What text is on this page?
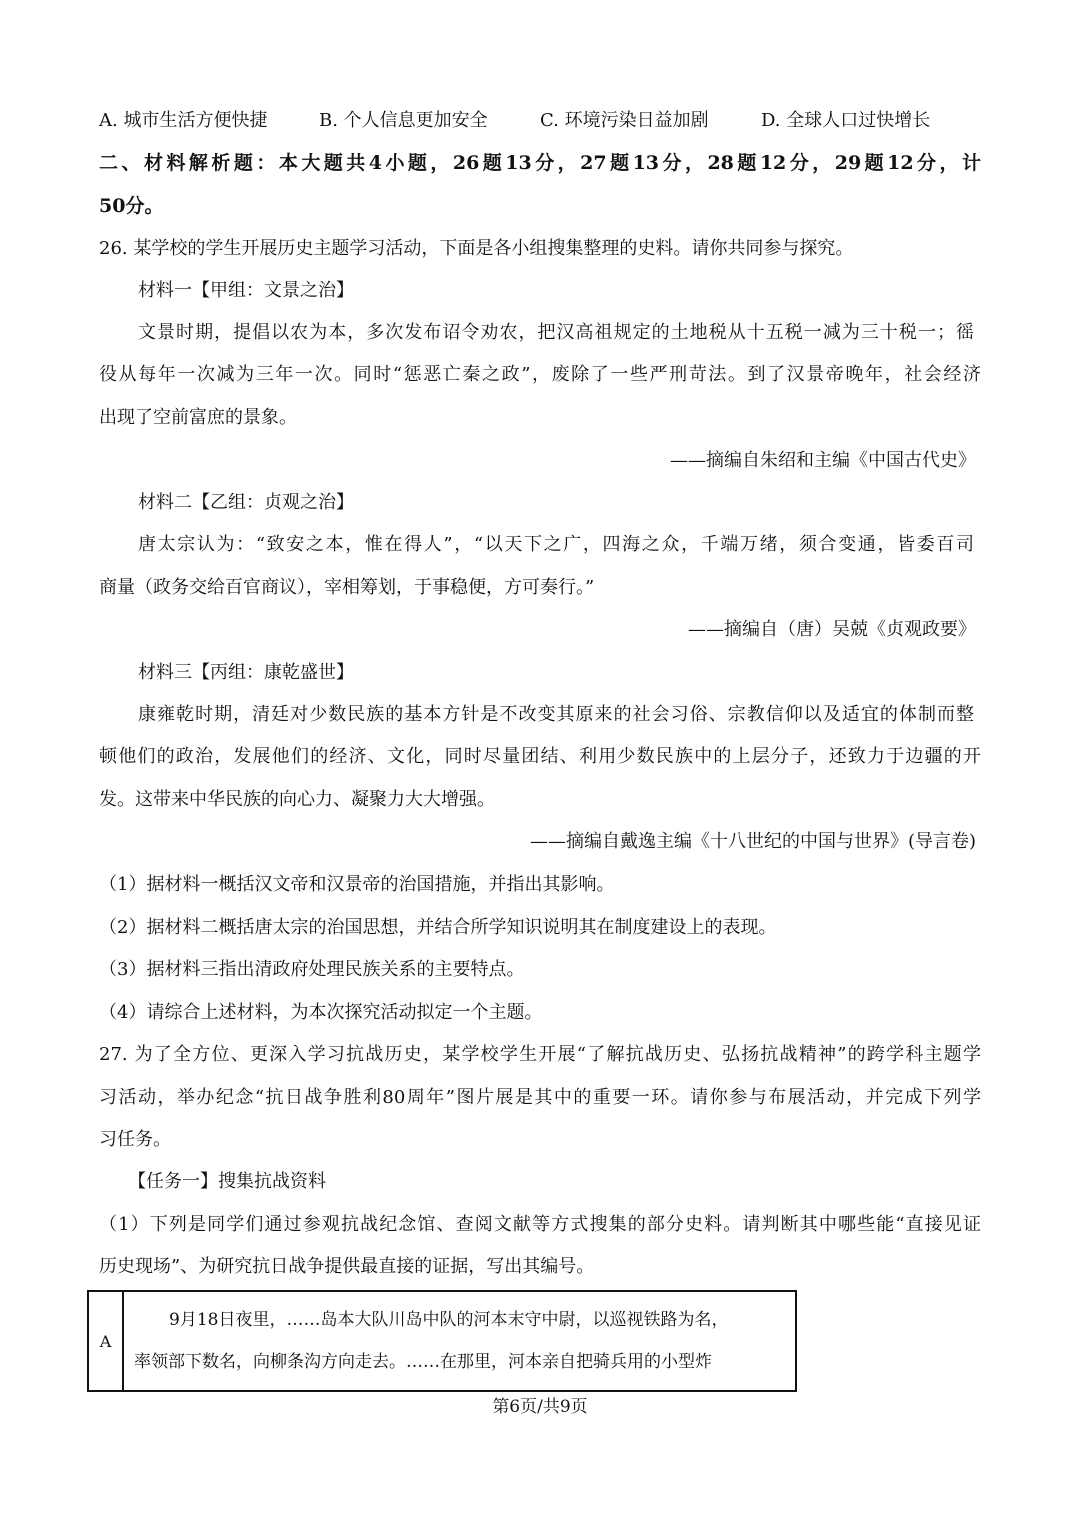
A. 城市生活方便快捷	B. 个人信息更加安全	C. 环境污染日益加剧	D. 全球人口过快增长
二、材料解析题：本大题共4小题，26题13分，27题13分，28题12分，29题12分，计
50分。
26. 某学校的学生开展历史主题学习活动，下面是各小组搜集整理的史料。请你共同参与探究。
材料一【甲组：文景之治】
文景时期，提倡以农为本，多次发布诏令劝农，把汉高祖规定的土地税从十五税一减为三十税一；徭
役从每年一次减为三年一次。同时“惩恶亡秦之政”，废除了一些严刑苛法。到了汉景帝晚年，社会经济
出现了空前富庶的景象。
——摘编自朱绍和主编《中国古代史》
材料二【乙组：贞观之治】
唐太宗认为：“致安之本，惟在得人”，“以天下之广，四海之众，千端万绪，须合变通，皆委百司
商量（政务交给百官商议），宰相筹划，于事稳便，方可奏行。”
——摘编自（唐）吴兢《贞观政要》
材料三【丙组：康乾盛世】
康雍乾时期，清廷对少数民族的基本方针是不改变其原来的社会习俗、宗教信仰以及适宜的体制而整
顿他们的政治，发展他们的经济、文化，同时尽量团结、利用少数民族中的上层分子，还致力于边疆的开
发。这带来中华民族的向心力、凝聚力大大增强。
——摘编自戴逸主编《十八世纪的中国与世界》(导言卷)
（1）据材料一概括汉文帝和汉景帝的治国措施，并指出其影响。
（2）据材料二概括唐太宗的治国思想，并结合所学知识说明其在制度建设上的表现。
（3）据材料三指出清政府处理民族关系的主要特点。
（4）请综合上述材料，为本次探究活动拟定一个主题。
27. 为了全方位、更深入学习抗战历史，某学校学生开展“了解抗战历史、弘扬抗战精神”的跨学科主题学
习活动，举办纪念“抗日战争胜利80周年”图片展是其中的重要一环。请你参与布展活动，并完成下列学
习任务。
【任务一】搜集抗战资料
（1）下列是同学们通过参观抗战纪念馆、查阅文献等方式搜集的部分史料。请判断其中哪些能“直接见证
历史现场”、为研究抗日战争提供最直接的证据，写出其编号。
A
9月18日夜里，……岛本大队川岛中队的河本末守中尉，以巡视铁路为名，
率领部下数名，向柳条沟方向走去。……在那里，河本亲自把骑兵用的小型炸
第6页/共9页
